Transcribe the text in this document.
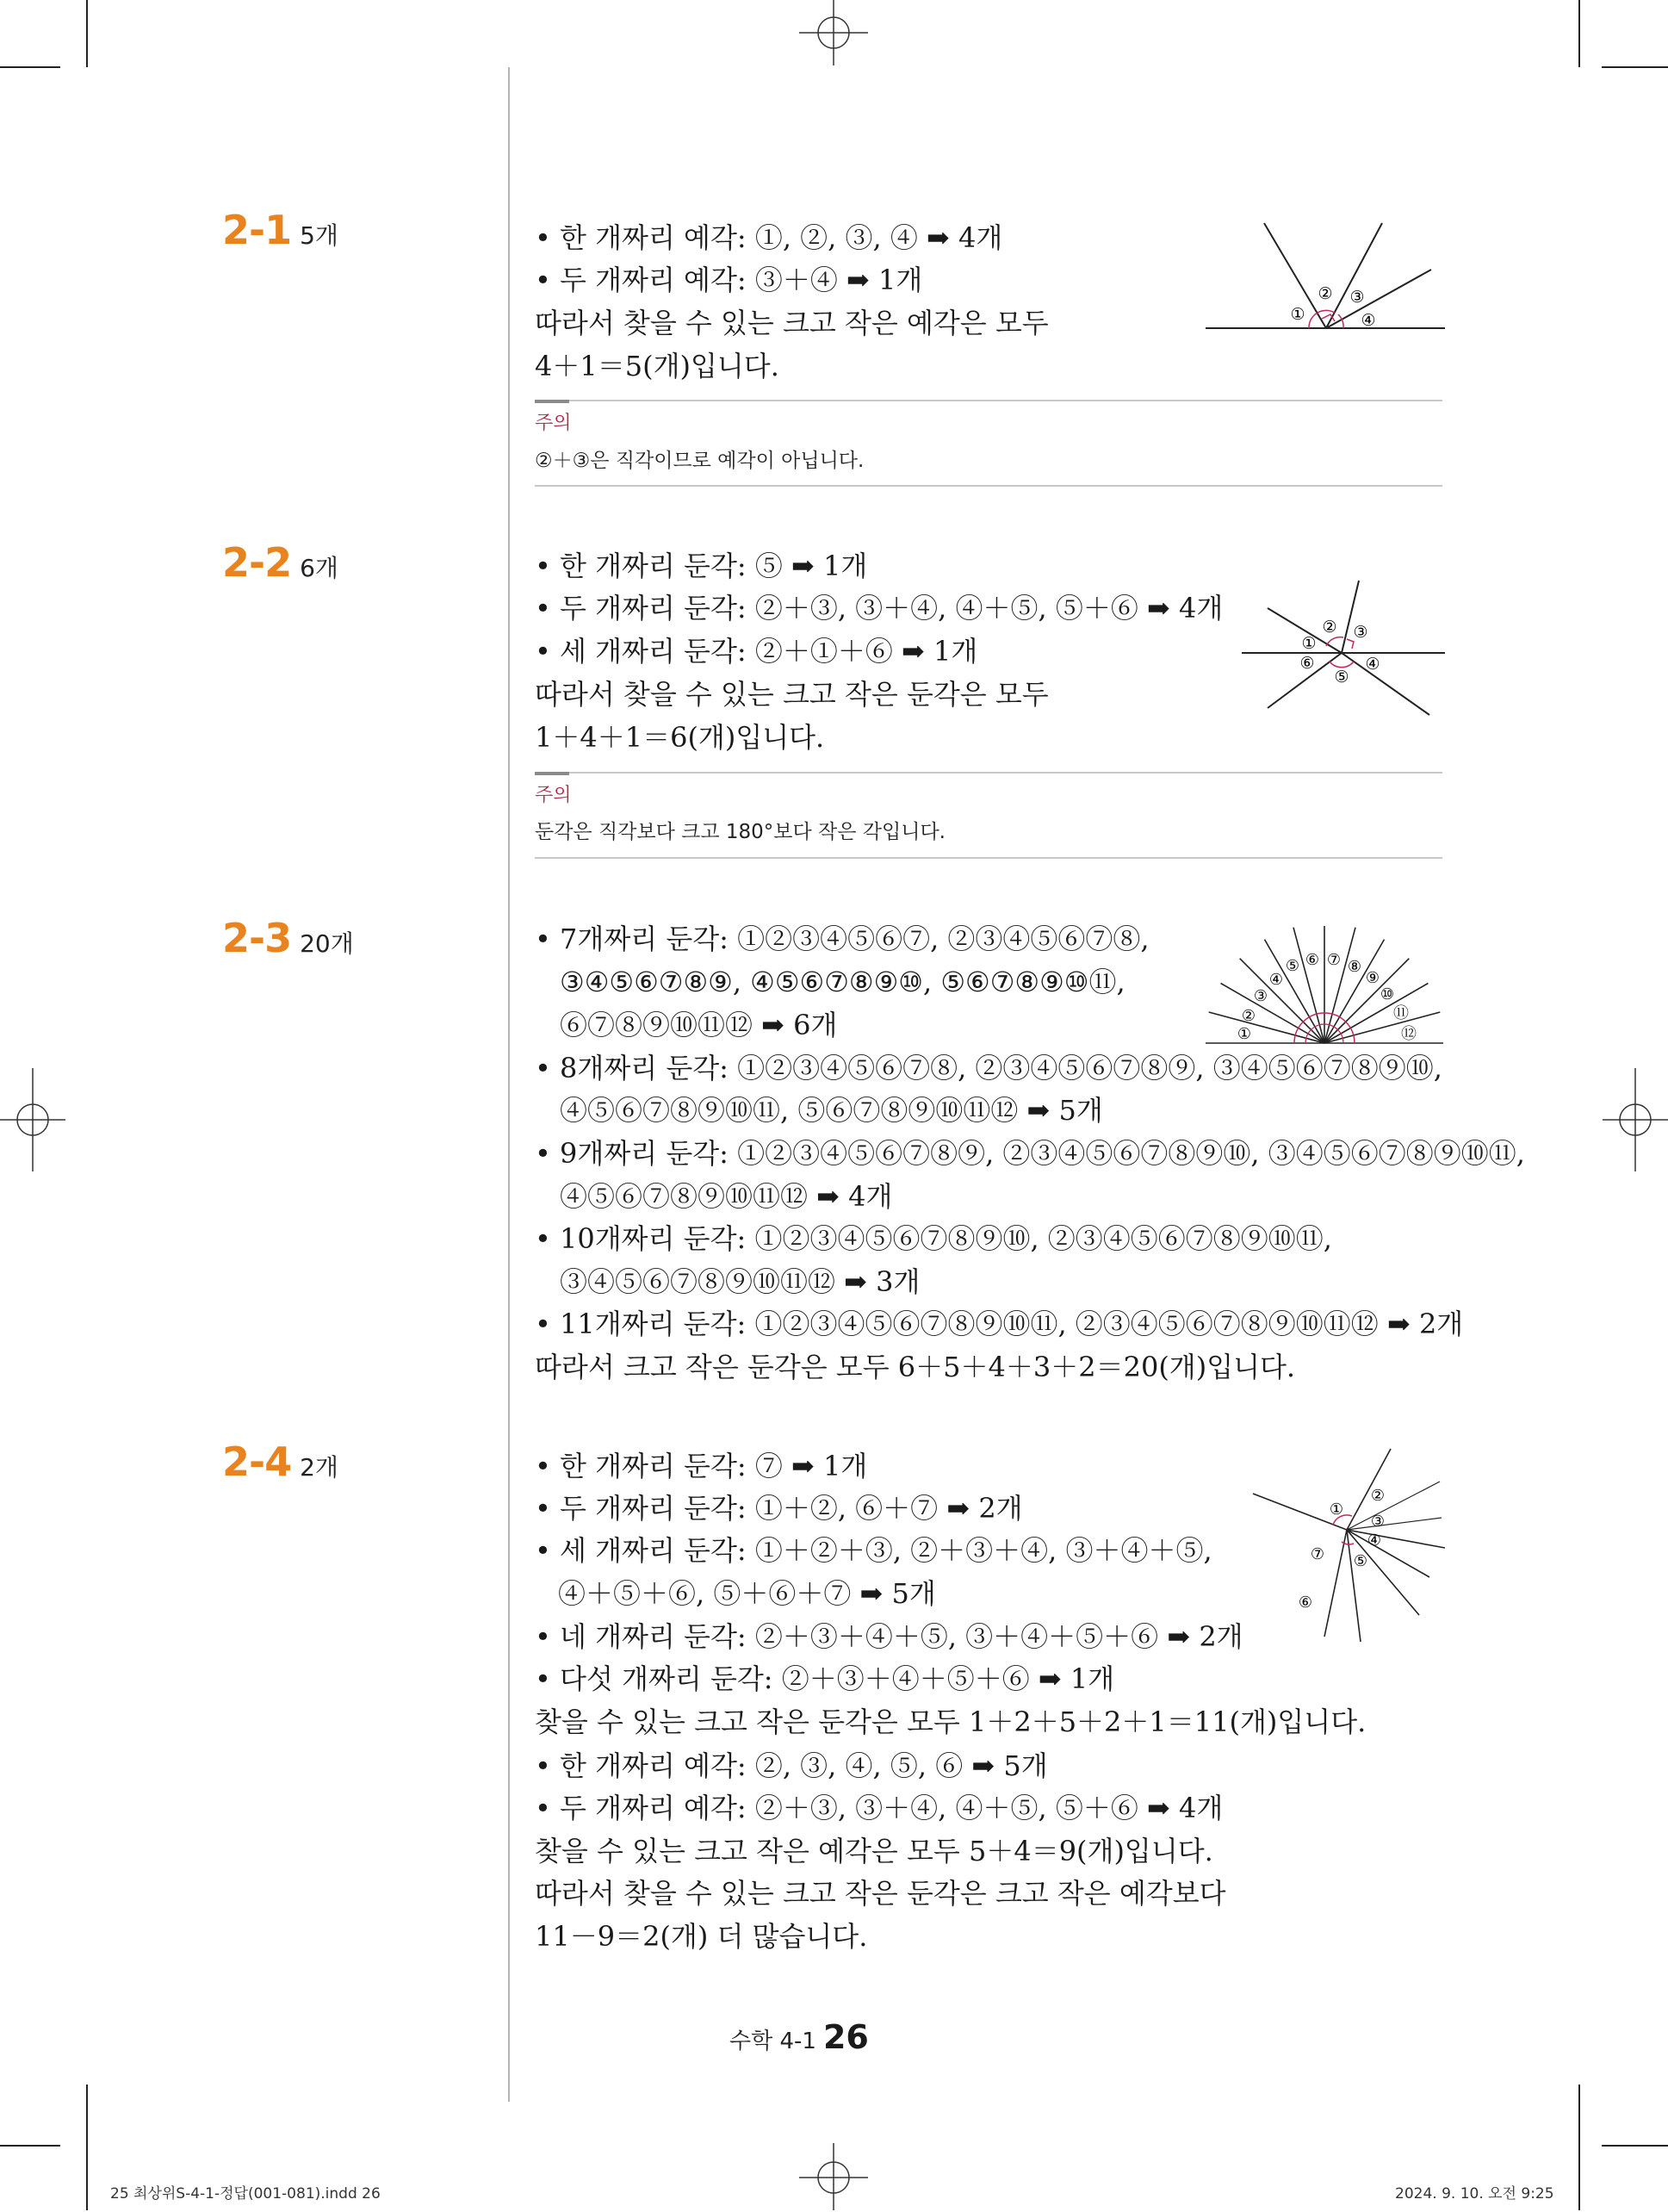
2-1 5개	• 한 개짜리 예각: ①, ②, ③, ④ ➡ 4개
• 두 개짜리 예각: ③＋④ ➡ 1개
따라서 찾을 수 있는 크고 작은 예각은 모두
4＋1＝5(개)입니다.
①
② ③
④
주의
②＋③은 직각이므로 예각이 아닙니다.
2-2 6개	• 한 개짜리 둔각: ⑤ ➡ 1개
• 두 개짜리 둔각: ②＋③, ③＋④, ④＋⑤, ⑤＋⑥ ➡ 4개
• 세 개짜리 둔각: ②＋①＋⑥ ➡ 1개
따라서 찾을 수 있는 크고 작은 둔각은 모두
1＋4＋1＝6(개)입니다.
①
② ③
④
⑤
⑥
주의
둔각은 직각보다 크고 180°보다 작은 각입니다.
2-3 20개	• 7개짜리 둔각: ①②③④⑤⑥⑦, ②③④⑤⑥⑦⑧,
③④⑤⑥⑦⑧⑨, ④⑤⑥⑦⑧⑨⑩, ⑤⑥⑦⑧⑨⑩⑪,
⑥⑦⑧⑨⑩⑪⑫ ➡ 6개
• 8개짜리 둔각: ①②③④⑤⑥⑦⑧, ②③④⑤⑥⑦⑧⑨, ③④⑤⑥⑦⑧⑨⑩,
④⑤⑥⑦⑧⑨⑩⑪, ⑤⑥⑦⑧⑨⑩⑪⑫ ➡ 5개
• 9개짜리 둔각: ①②③④⑤⑥⑦⑧⑨, ②③④⑤⑥⑦⑧⑨⑩, ③④⑤⑥⑦⑧⑨⑩⑪,
④⑤⑥⑦⑧⑨⑩⑪⑫ ➡ 4개
• 10개짜리 둔각: ①②③④⑤⑥⑦⑧⑨⑩, ②③④⑤⑥⑦⑧⑨⑩⑪,
③④⑤⑥⑦⑧⑨⑩⑪⑫ ➡ 3개
• 11개짜리 둔각: ①②③④⑤⑥⑦⑧⑨⑩⑪, ②③④⑤⑥⑦⑧⑨⑩⑪⑫ ➡ 2개
따라서 크고 작은 둔각은 모두 6＋5＋4＋3＋2＝20(개)입니다.
①
②
③
④
⑤ ⑥ ⑦ ⑧
⑨
⑩
⑪
⑫
2-4 2개	• 한 개짜리 둔각: ⑦ ➡ 1개
• 두 개짜리 둔각: ①＋②, ⑥＋⑦ ➡ 2개
• 세 개짜리 둔각: ①＋②＋③, ②＋③＋④, ③＋④＋⑤,
④＋⑤＋⑥, ⑤＋⑥＋⑦ ➡ 5개
• 네 개짜리 둔각: ②＋③＋④＋⑤, ③＋④＋⑤＋⑥ ➡ 2개
• 다섯 개짜리 둔각: ②＋③＋④＋⑤＋⑥ ➡ 1개
찾을 수 있는 크고 작은 둔각은 모두 1＋2＋5＋2＋1＝11(개)입니다.
• 한 개짜리 예각: ②, ③, ④, ⑤, ⑥ ➡ 5개
• 두 개짜리 예각: ②＋③, ③＋④, ④＋⑤, ⑤＋⑥ ➡ 4개
찾을 수 있는 크고 작은 예각은 모두 5＋4＝9(개)입니다.
따라서 찾을 수 있는 크고 작은 둔각은 크고 작은 예각보다
11－9＝2(개) 더 많습니다.
①
②
③
④
⑤
⑥
⑦
수학 4-1 26
25 최상위S-4-1-정답(001-081).indd 26	2024. 9. 10. 오전 9:25
